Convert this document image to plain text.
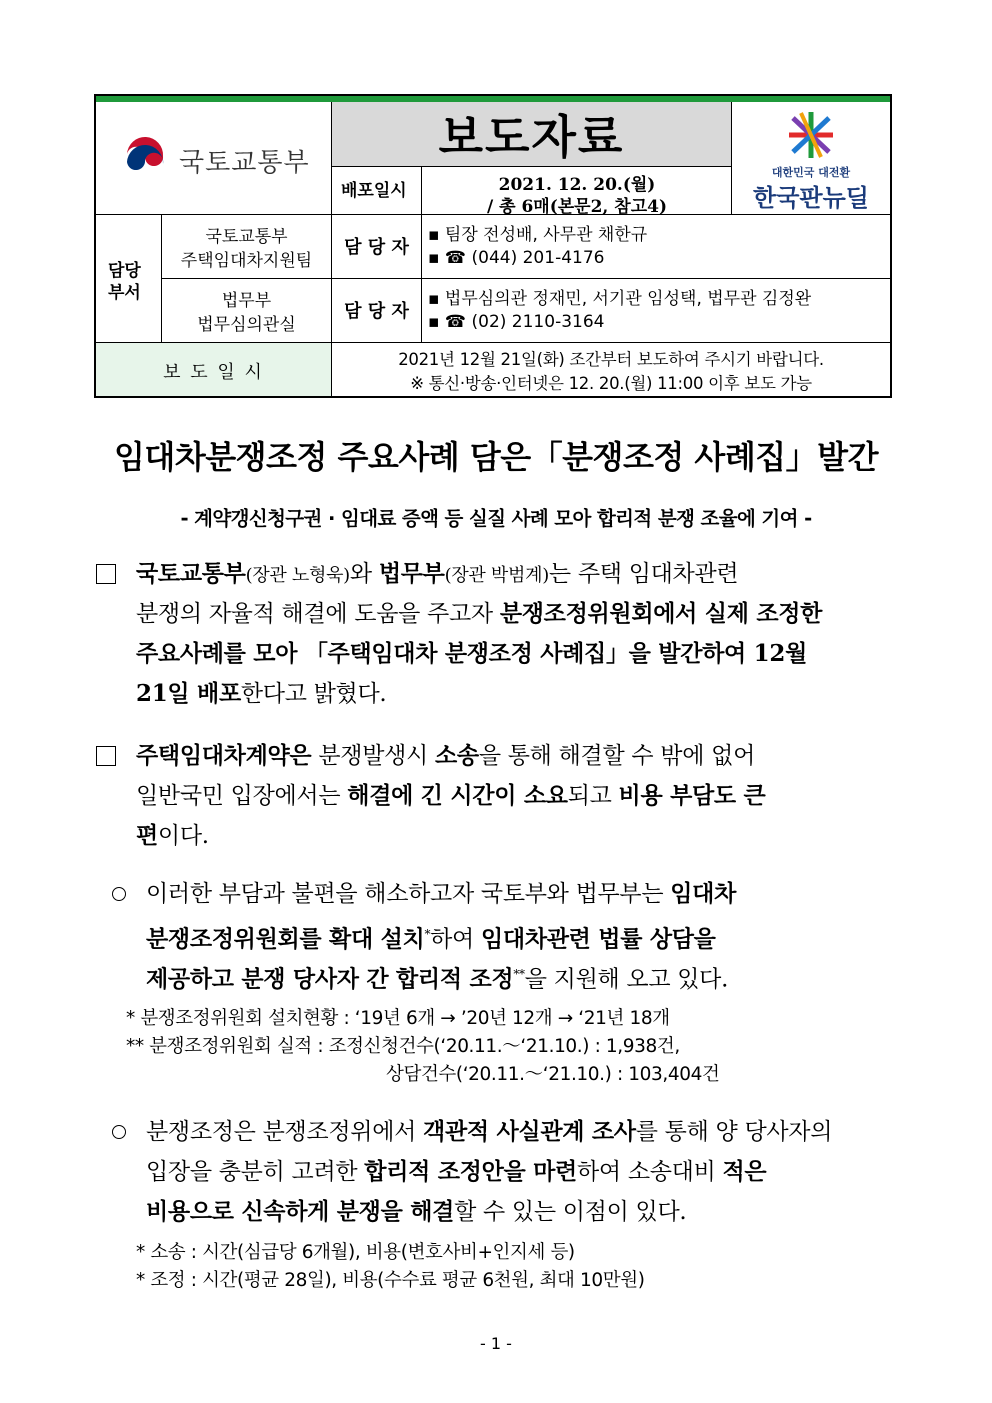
보도자료
국토교통부
배포일시	2021. 12. 20.(월)
/ 총 6매(본문2, 참고4)
대한민국 대전환
한국판뉴딜
담당
부서
국토교통부
주택임대차지원팀
담 당 자
▪ 팀장 전성배, 사무관 채한규
▪ ☎ (044) 201-4176
법무부
법무심의관실
담 당 자
▪ 법무심의관 정재민, 서기관 임성택, 법무관 김정완
▪ ☎ (02) 2110-3164
보 도 일 시
2021년 12월 21일(화) 조간부터 보도하여 주시기 바랍니다.
※ 통신·방송·인터넷은 12. 20.(월) 11:00 이후 보도 가능
임대차분쟁조정 주요사례 담은「분쟁조정 사례집」발간
- 계약갱신청구권 · 임대료 증액 등 실질 사례 모아 합리적 분쟁 조율에 기여 -
국토교통부(장관 노형욱)와 법무부(장관 박범계)는 주택 임대차관련
분쟁의 자율적 해결에 도움을 주고자 분쟁조정위원회에서 실제 조정한
주요사례를 모아 「주택임대차 분쟁조정 사례집」을 발간하여 12월
21일 배포한다고 밝혔다.
주택임대차계약은 분쟁발생시 소송을 통해 해결할 수 밖에 없어
일반국민 입장에서는 해결에 긴 시간이 소요되고 비용 부담도 큰
편이다.
이러한 부담과 불편을 해소하고자 국토부와 법무부는 임대차
분쟁조정위원회를 확대 설치*하여 임대차관련 법률 상담을
제공하고 분쟁 당사자 간 합리적 조정**을 지원해 오고 있다.
* 분쟁조정위원회 설치현황 : ‘19년 6개 → ’20년 12개 → ‘21년 18개
** 분쟁조정위원회 실적 : 조정신청건수(‘20.11.～‘21.10.) : 1,938건,
상담건수(‘20.11.～‘21.10.) : 103,404건
분쟁조정은 분쟁조정위에서 객관적 사실관계 조사를 통해 양 당사자의
입장을 충분히 고려한 합리적 조정안을 마련하여 소송대비 적은
비용으로 신속하게 분쟁을 해결할 수 있는 이점이 있다.
* 소송 : 시간(심급당 6개월), 비용(변호사비+인지세 등)
* 조정 : 시간(평균 28일), 비용(수수료 평균 6천원, 최대 10만원)
- 1 -
